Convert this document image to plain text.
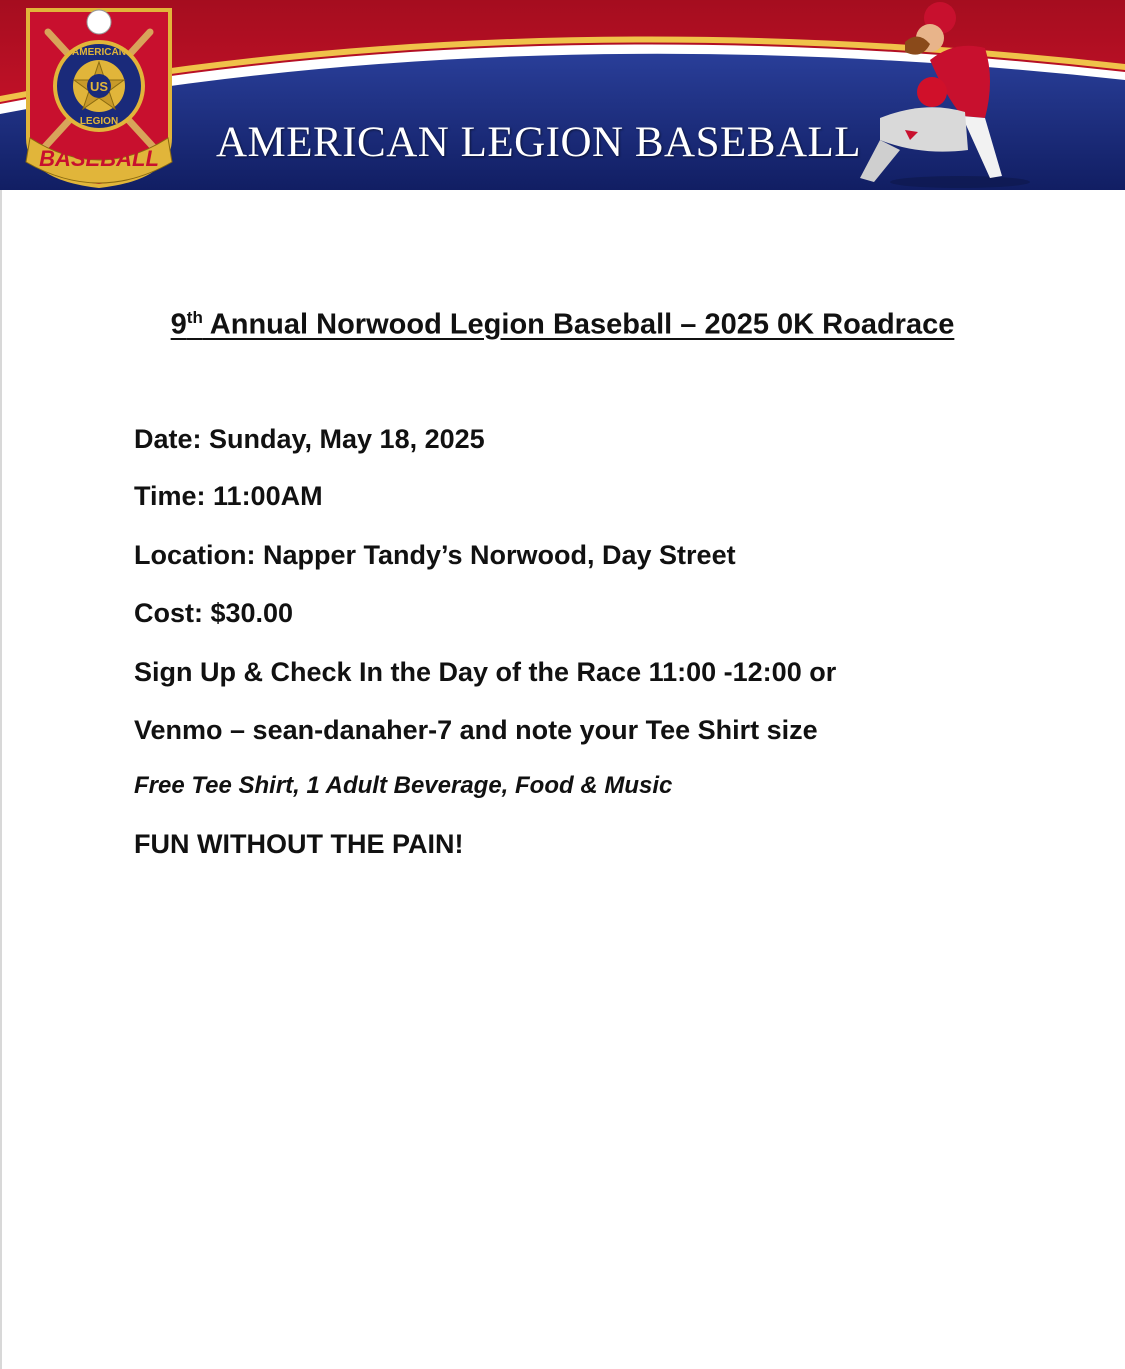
US
AMERICAN
LEGION
BASEBALL AMERICAN LEGION BASEBALL
9th Annual Norwood Legion Baseball – 2025 0K Roadrace
Date: Sunday, May 18, 2025
Time: 11:00AM
Location: Napper Tandy’s Norwood, Day Street
Cost: $30.00
Sign Up & Check In the Day of the Race 11:00 -12:00 or
Venmo – sean-danaher-7 and note your Tee Shirt size
Free Tee Shirt, 1 Adult Beverage, Food & Music
FUN WITHOUT THE PAIN!
